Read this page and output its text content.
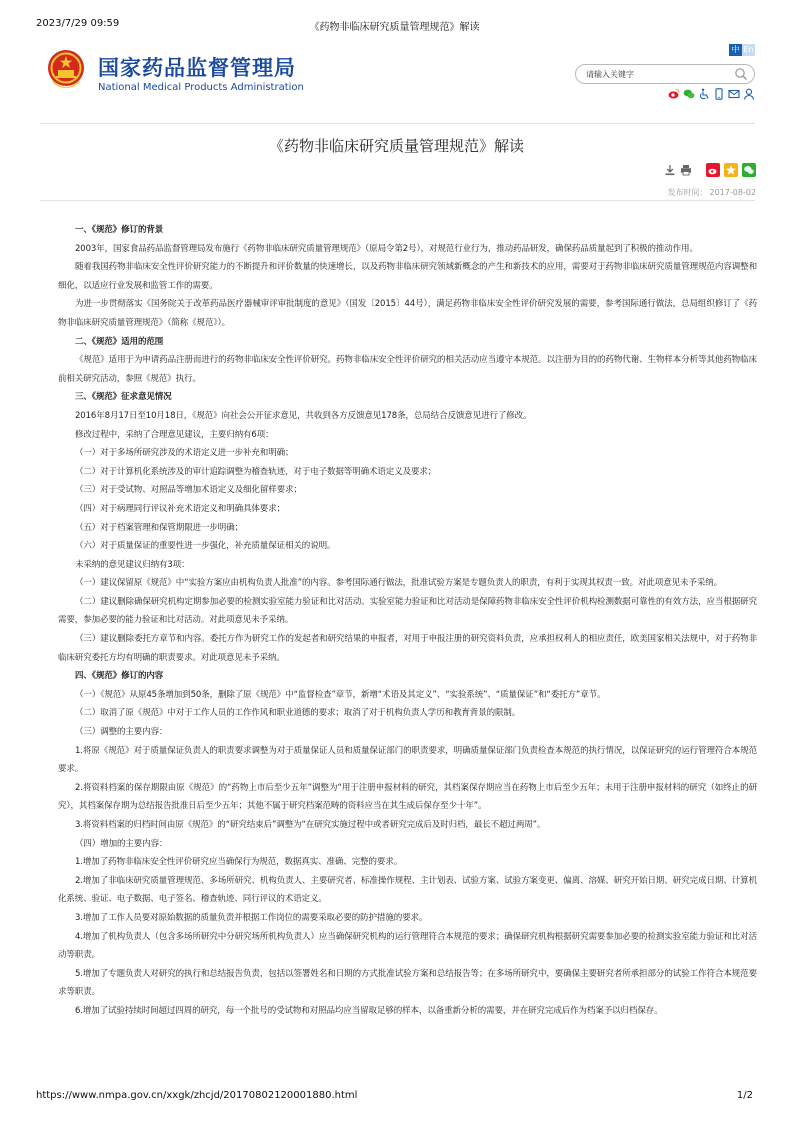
2023/7/29 09:59	《药物非临床研究质量管理规范》解读
国家药品监督管理局
National Medical Products Administration
中 En
请输入关键字
《药物非临床研究质量管理规范》解读
发布时间： 2017-08-02

一、《规范》修订的背景

2003年，国家食品药品监督管理局发布施行《药物非临床研究质量管理规范》（原局令第2号），对规范行业行为，推动药品研发，确保药品质量起到了积极的推动作用。

随着我国药物非临床安全性评价研究能力的不断提升和评价数量的快速增长，以及药物非临床研究领域新概念的产生和新技术的应用，需要对于药物非临床研究质量管理规范内容调整和细化，以适应行业发展和监管工作的需要。

为进一步贯彻落实《国务院关于改革药品医疗器械审评审批制度的意见》（国发〔2015〕44号），满足药物非临床安全性评价研究发展的需要，参考国际通行做法，总局组织修订了《药物非临床研究质量管理规范》（简称《规范》）。

二、《规范》适用的范围

《规范》适用于为申请药品注册而进行的药物非临床安全性评价研究。药物非临床安全性评价研究的相关活动应当遵守本规范。以注册为目的的药物代谢、生物样本分析等其他药物临床前相关研究活动，参照《规范》执行。

三、《规范》征求意见情况

2016年8月17日至10月18日，《规范》向社会公开征求意见，共收到各方反馈意见178条，总局结合反馈意见进行了修改。

修改过程中，采纳了合理意见建议，主要归纳有6项：

（一）对于多场所研究涉及的术语定义进一步补充和明确；

（二）对于计算机化系统涉及的审计追踪调整为稽查轨迹，对于电子数据等明确术语定义及要求；

（三）对于受试物、对照品等增加术语定义及细化留样要求；

（四）对于病理同行评议补充术语定义和明确具体要求；

（五）对于档案管理和保管期限进一步明确；

（六）对于质量保证的重要性进一步强化，补充质量保证相关的说明。

未采纳的意见建议归纳有3项：

（一）建议保留原《规范》中“实验方案应由机构负责人批准”的内容。参考国际通行做法，批准试验方案是专题负责人的职责，有利于实现其权责一致。对此项意见未予采纳。

（二）建议删除确保研究机构定期参加必要的检测实验室能力验证和比对活动。实验室能力验证和比对活动是保障药物非临床安全性评价机构检测数据可靠性的有效方法，应当根据研究需要，参加必要的能力验证和比对活动。对此项意见未予采纳。

（三）建议删除委托方章节和内容。委托方作为研究工作的发起者和研究结果的申报者，对用于申报注册的研究资料负责，应承担权利人的相应责任，欧美国家相关法规中，对于药物非临床研究委托方均有明确的职责要求。对此项意见未予采纳。

四、《规范》修订的内容

（一）《规范》从原45条增加到50条，删除了原《规范》中“监督检查”章节，新增“术语及其定义”、“实验系统”、“质量保证”和“委托方”章节。

（二）取消了原《规范》中对于工作人员的工作作风和职业道德的要求；取消了对于机构负责人学历和教育背景的限制。

（三）调整的主要内容：

1.将原《规范》对于质量保证负责人的职责要求调整为对于质量保证人员和质量保证部门的职责要求，明确质量保证部门负责检查本规范的执行情况，以保证研究的运行管理符合本规范要求。

2.将资料档案的保存期限由原《规范》的“药物上市后至少五年”调整为“用于注册申报材料的研究，其档案保存期应当在药物上市后至少五年；未用于注册申报材料的研究（如终止的研究），其档案保存期为总结报告批准日后至少五年；其他不属于研究档案范畴的资料应当在其生成后保存至少十年”。

3.将资料档案的归档时间由原《规范》的“研究结束后”调整为“在研究实施过程中或者研究完成后及时归档，最长不超过两周”。

（四）增加的主要内容：

1.增加了药物非临床安全性评价研究应当确保行为规范，数据真实、准确、完整的要求。

2.增加了非临床研究质量管理规范、多场所研究、机构负责人、主要研究者、标准操作规程、主计划表、试验方案、试验方案变更、偏离、溶媒、研究开始日期、研究完成日期、计算机化系统、验证、电子数据、电子签名、稽查轨迹、同行评议的术语定义。

3.增加了工作人员要对原始数据的质量负责并根据工作岗位的需要采取必要的防护措施的要求。

4.增加了机构负责人（包含多场所研究中分研究场所机构负责人）应当确保研究机构的运行管理符合本规范的要求；确保研究机构根据研究需要参加必要的检测实验室能力验证和比对活动等职责。

5.增加了专题负责人对研究的执行和总结报告负责，包括以签署姓名和日期的方式批准试验方案和总结报告等；在多场所研究中，要确保主要研究者所承担部分的试验工作符合本规范要求等职责。

6.增加了试验持续时间超过四周的研究，每一个批号的受试物和对照品均应当留取足够的样本，以备重新分析的需要，并在研究完成后作为档案予以归档保存。

https://www.nmpa.gov.cn/xxgk/zhcjd/20170802120001880.html	1/2
